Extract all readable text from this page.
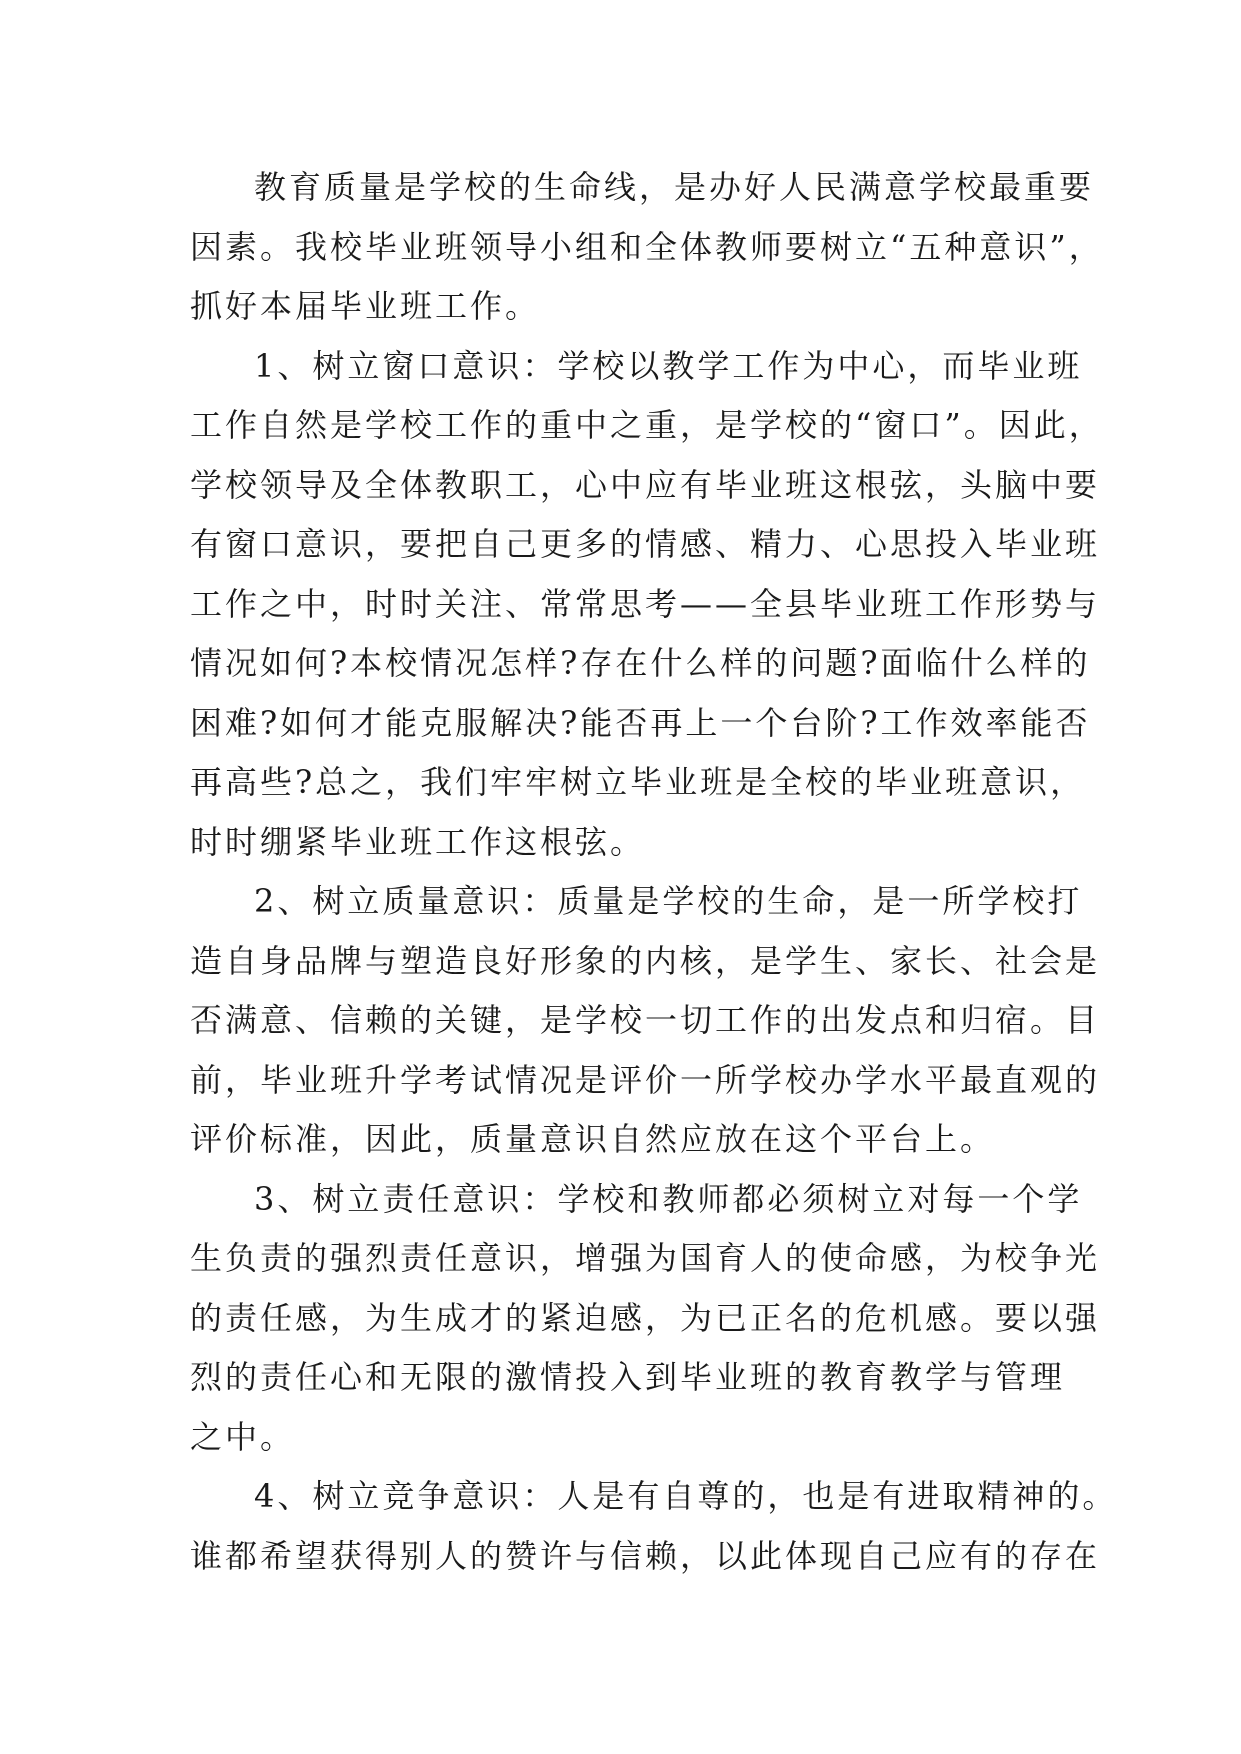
教育质量是学校的生命线，是办好人民满意学校最重要
因素。我校毕业班领导小组和全体教师要树立“五种意识”，
抓好本届毕业班工作。

1、树立窗口意识：学校以教学工作为中心，而毕业班
工作自然是学校工作的重中之重，是学校的“窗口”。因此，
学校领导及全体教职工，心中应有毕业班这根弦，头脑中要
有窗口意识，要把自己更多的情感、精力、心思投入毕业班
工作之中，时时关注、常常思考——全县毕业班工作形势与
情况如何?本校情况怎样?存在什么样的问题?面临什么样的
困难?如何才能克服解决?能否再上一个台阶?工作效率能否
再高些?总之，我们牢牢树立毕业班是全校的毕业班意识，
时时绷紧毕业班工作这根弦。

2、树立质量意识：质量是学校的生命，是一所学校打
造自身品牌与塑造良好形象的内核，是学生、家长、社会是
否满意、信赖的关键，是学校一切工作的出发点和归宿。目
前，毕业班升学考试情况是评价一所学校办学水平最直观的
评价标准，因此，质量意识自然应放在这个平台上。

3、树立责任意识：学校和教师都必须树立对每一个学
生负责的强烈责任意识，增强为国育人的使命感，为校争光
的责任感，为生成才的紧迫感，为已正名的危机感。要以强
烈的责任心和无限的激情投入到毕业班的教育教学与管理
之中。

4、树立竞争意识：人是有自尊的，也是有进取精神的。
谁都希望获得别人的赞许与信赖，以此体现自己应有的存在
